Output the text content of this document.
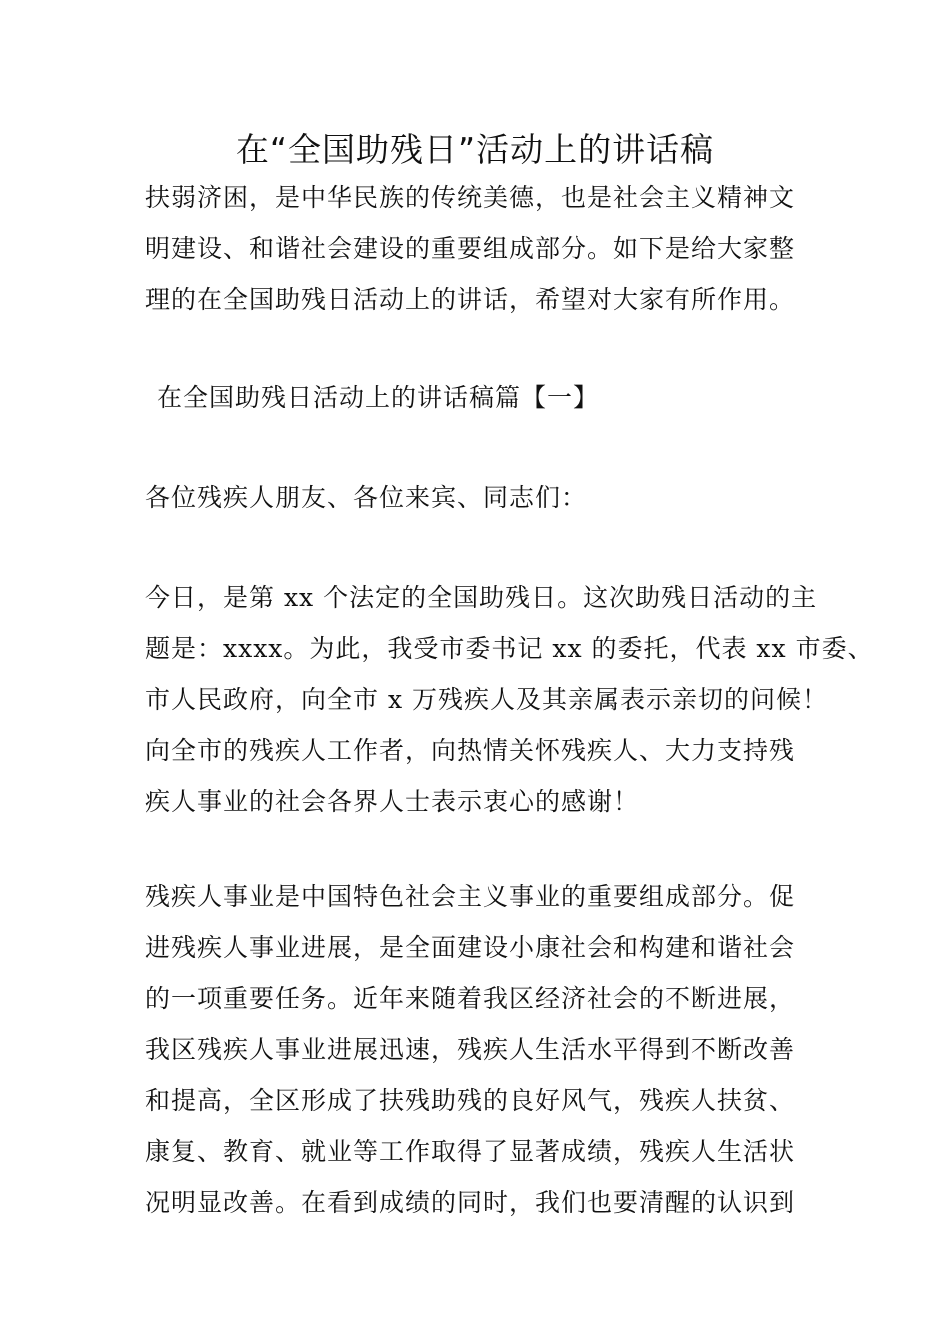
在“全国助残日”活动上的讲话稿

扶弱济困，是中华民族的传统美德，也是社会主义精神文

明建设、和谐社会建设的重要组成部分。如下是给大家整

理的在全国助残日活动上的讲话，希望对大家有所作用。

在全国助残日活动上的讲话稿篇【一】

各位残疾人朋友、各位来宾、同志们：

今日，是第 xx 个法定的全国助残日。这次助残日活动的主

题是：xxxx。为此，我受市委书记 xx 的委托，代表 xx 市委、

市人民政府，向全市 x 万残疾人及其亲属表示亲切的问候！

向全市的残疾人工作者，向热情关怀残疾人、大力支持残

疾人事业的社会各界人士表示衷心的感谢！

残疾人事业是中国特色社会主义事业的重要组成部分。促

进残疾人事业进展，是全面建设小康社会和构建和谐社会

的一项重要任务。近年来随着我区经济社会的不断进展，

我区残疾人事业进展迅速，残疾人生活水平得到不断改善

和提高，全区形成了扶残助残的良好风气，残疾人扶贫、

康复、教育、就业等工作取得了显著成绩，残疾人生活状

况明显改善。在看到成绩的同时，我们也要清醒的认识到
